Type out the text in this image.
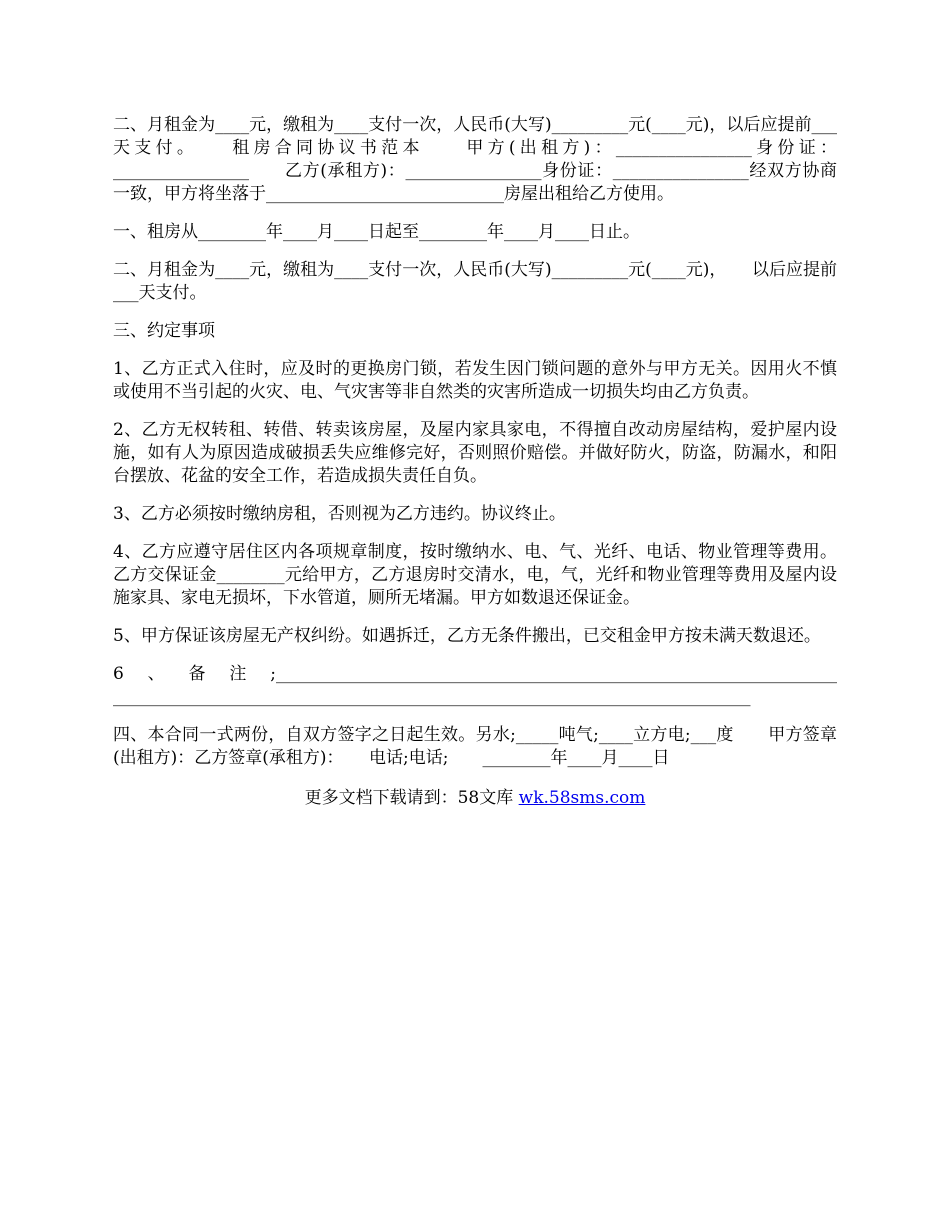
二、月租金为____元，缴租为____支付一次，人民币(大写)_________元(____元)，以后应提前___天支付。　　租房合同协议书范本　　甲方(出租方)：________________身份证：________________　　乙方(承租方)：________________身份证：________________经双方协商一致，甲方将坐落于____________________________房屋出租给乙方使用。

一、租房从________年____月____日起至________年____月____日止。

二、月租金为____元，缴租为____支付一次，人民币(大写)_________元(____元)，　　以后应提前___天支付。

三、约定事项

1、乙方正式入住时，应及时的更换房门锁，若发生因门锁问题的意外与甲方无关。因用火不慎或使用不当引起的火灾、电、气灾害等非自然类的灾害所造成一切损失均由乙方负责。

2、乙方无权转租、转借、转卖该房屋，及屋内家具家电，不得擅自改动房屋结构，爱护屋内设施，如有人为原因造成破损丢失应维修完好，否则照价赔偿。并做好防火，防盗，防漏水，和阳台摆放、花盆的安全工作，若造成损失责任自负。

3、乙方必须按时缴纳房租，否则视为乙方违约。协议终止。

4、乙方应遵守居住区内各项规章制度，按时缴纳水、电、气、光纤、电话、物业管理等费用。乙方交保证金________元给甲方，乙方退房时交清水，电，气，光纤和物业管理等费用及屋内设施家具、家电无损坏，下水管道，厕所无堵漏。甲方如数退还保证金。

5、甲方保证该房屋无产权纠纷。如遇拆迁，乙方无条件搬出，已交租金甲方按未满天数退还。

6、备注;__________________________________________________________________　　___________________________________________________________________________

四、本合同一式两份，自双方签字之日起生效。另水;_____吨气;____立方电;___度　　甲方签章(出租方)：乙方签章(承租方)：　　电话;电话;　　________年____月____日

更多文档下载请到：58文库 wk.58sms.com
